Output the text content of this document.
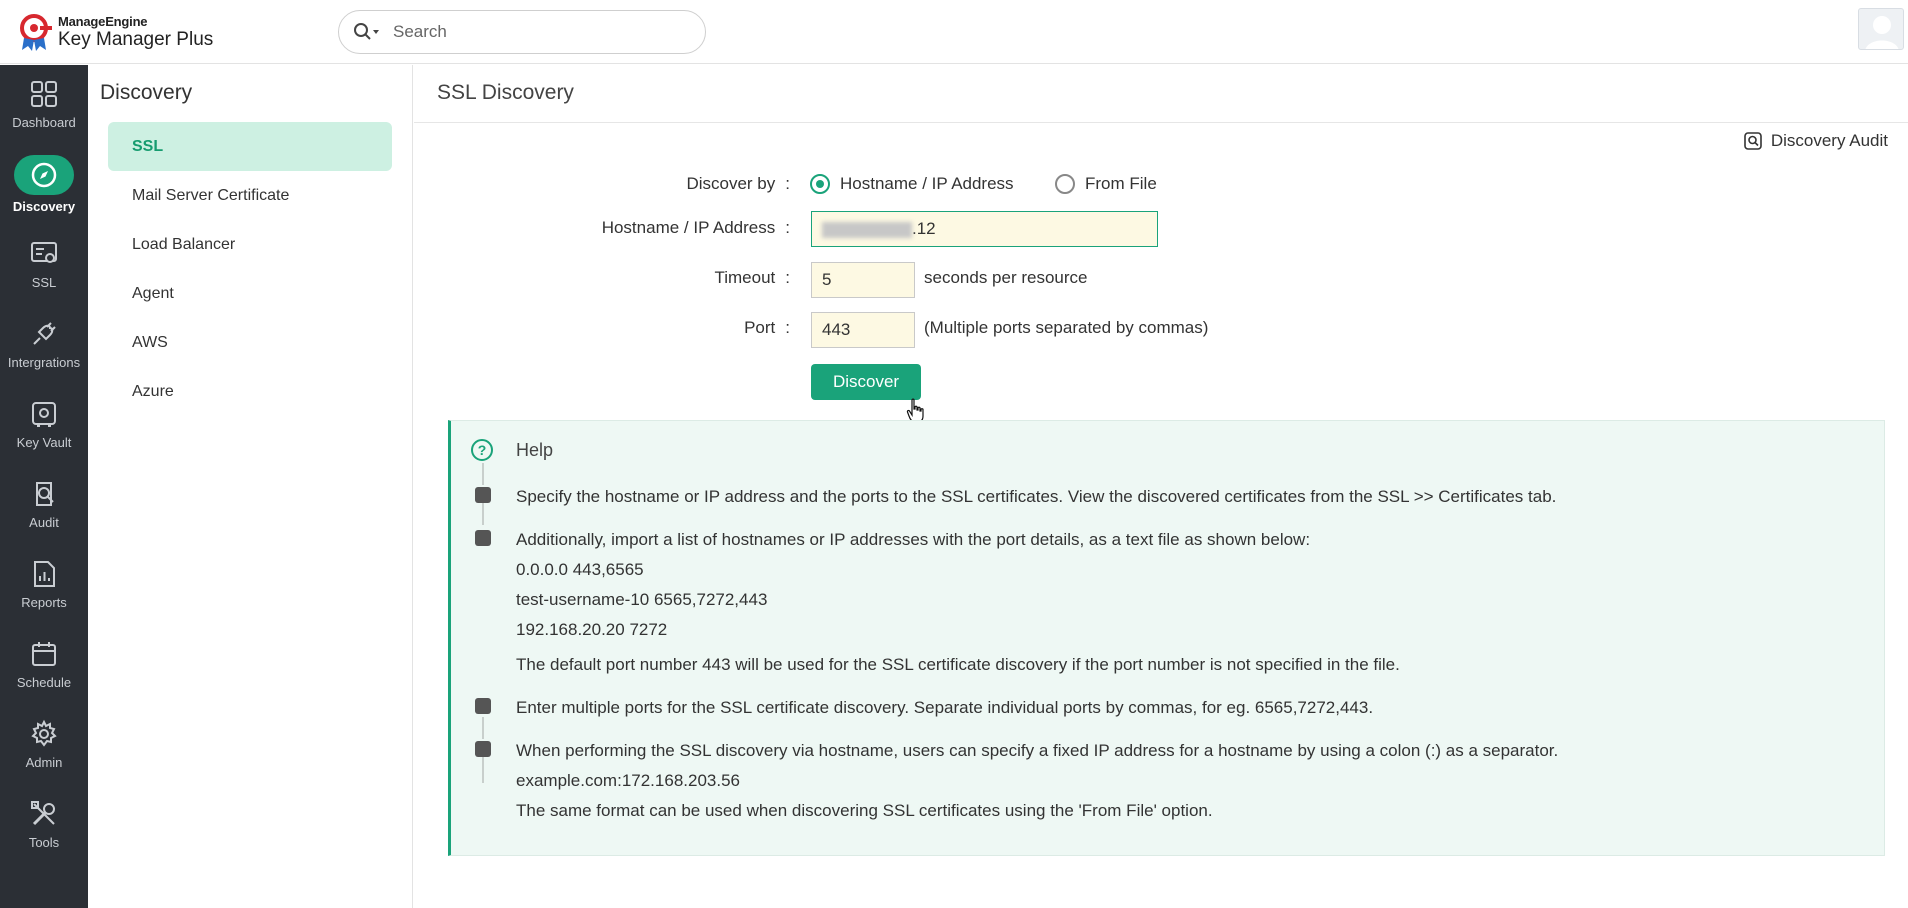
ManageEngine
Key Manager Plus	Search
Dashboard
Discovery
SSL
Intergrations
Key Vault
Audit
Reports
Schedule
Admin
Tools
Discovery
SSL
Mail Server Certificate
Load Balancer
Agent
AWS
Azure
SSL Discovery
Discovery Audit
Discover by :	Hostname / IP Address	From File
Hostname / IP Address :	.12
Timeout :	5	seconds per resource
Port :	443	(Multiple ports separated by commas)
Discover
?	Help
Specify the hostname or IP address and the ports to the SSL certificates. View the discovered certificates from the SSL >> Certificates tab.
Additionally, import a list of hostnames or IP addresses with the port details, as a text file as shown below:
0.0.0.0 443,6565
test-username-10 6565,7272,443
192.168.20.20 7272
The default port number 443 will be used for the SSL certificate discovery if the port number is not specified in the file.
Enter multiple ports for the SSL certificate discovery. Separate individual ports by commas, for eg. 6565,7272,443.
When performing the SSL discovery via hostname, users can specify a fixed IP address for a hostname by using a colon (:) as a separator.
example.com:172.168.203.56
The same format can be used when discovering SSL certificates using the 'From File' option.
